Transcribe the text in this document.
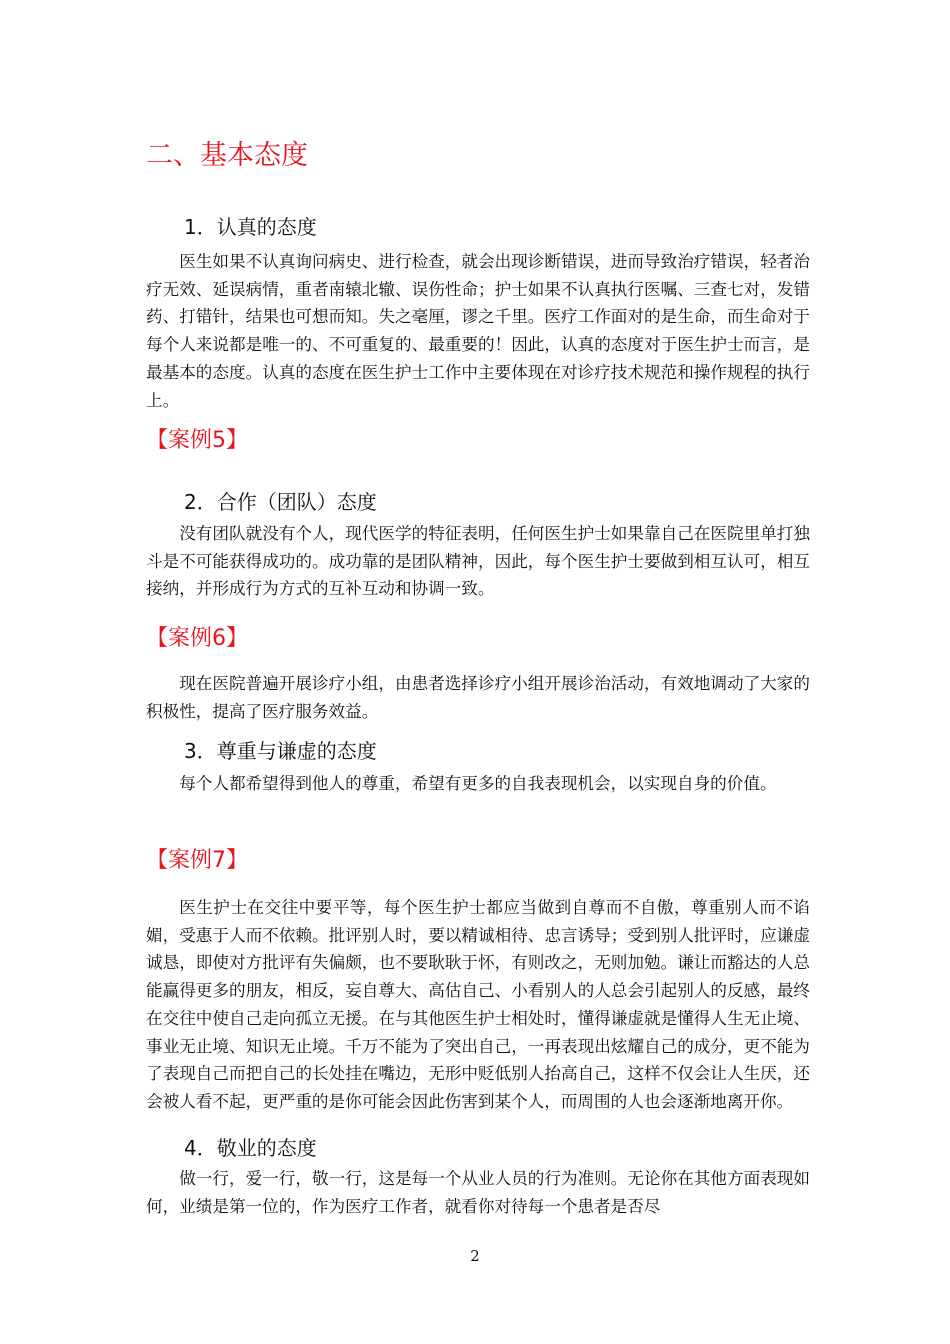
二、基本态度
1．认真的态度

医生如果不认真询问病史、进行检查，就会出现诊断错误，进而导致治疗错误，轻者治疗无效、延误病情，重者南辕北辙、误伤性命；护士如果不认真执行医嘱、三查七对，发错药、打错针，结果也可想而知。失之毫厘，谬之千里。医疗工作面对的是生命，而生命对于每个人来说都是唯一的、不可重复的、最重要的！因此，认真的态度对于医生护士而言，是最基本的态度。认真的态度在医生护士工作中主要体现在对诊疗技术规范和操作规程的执行上。

【案例5】
2．合作（团队）态度

没有团队就没有个人，现代医学的特征表明，任何医生护士如果靠自己在医院里单打独斗是不可能获得成功的。成功靠的是团队精神，因此，每个医生护士要做到相互认可，相互接纳，并形成行为方式的互补互动和协调一致。

【案例6】

现在医院普遍开展诊疗小组，由患者选择诊疗小组开展诊治活动，有效地调动了大家的积极性，提高了医疗服务效益。

3．尊重与谦虚的态度

每个人都希望得到他人的尊重，希望有更多的自我表现机会，以实现自身的价值。

【案例7】

医生护士在交往中要平等，每个医生护士都应当做到自尊而不自傲，尊重别人而不谄媚，受惠于人而不依赖。批评别人时，要以精诚相待、忠言诱导；受到别人批评时，应谦虚诚恳，即使对方批评有失偏颇，也不要耿耿于怀，有则改之，无则加勉。谦让而豁达的人总能赢得更多的朋友，相反，妄自尊大、高估自己、小看别人的人总会引起别人的反感，最终在交往中使自己走向孤立无援。在与其他医生护士相处时，懂得谦虚就是懂得人生无止境、事业无止境、知识无止境。千万不能为了突出自己，一再表现出炫耀自己的成分，更不能为了表现自己而把自己的长处挂在嘴边，无形中贬低别人抬高自己，这样不仅会让人生厌，还会被人看不起，更严重的是你可能会因此伤害到某个人，而周围的人也会逐渐地离开你。

4．敬业的态度

做一行，爱一行，敬一行，这是每一个从业人员的行为准则。无论你在其他方面表现如何，业绩是第一位的，作为医疗工作者，就看你对待每一个患者是否尽

2
